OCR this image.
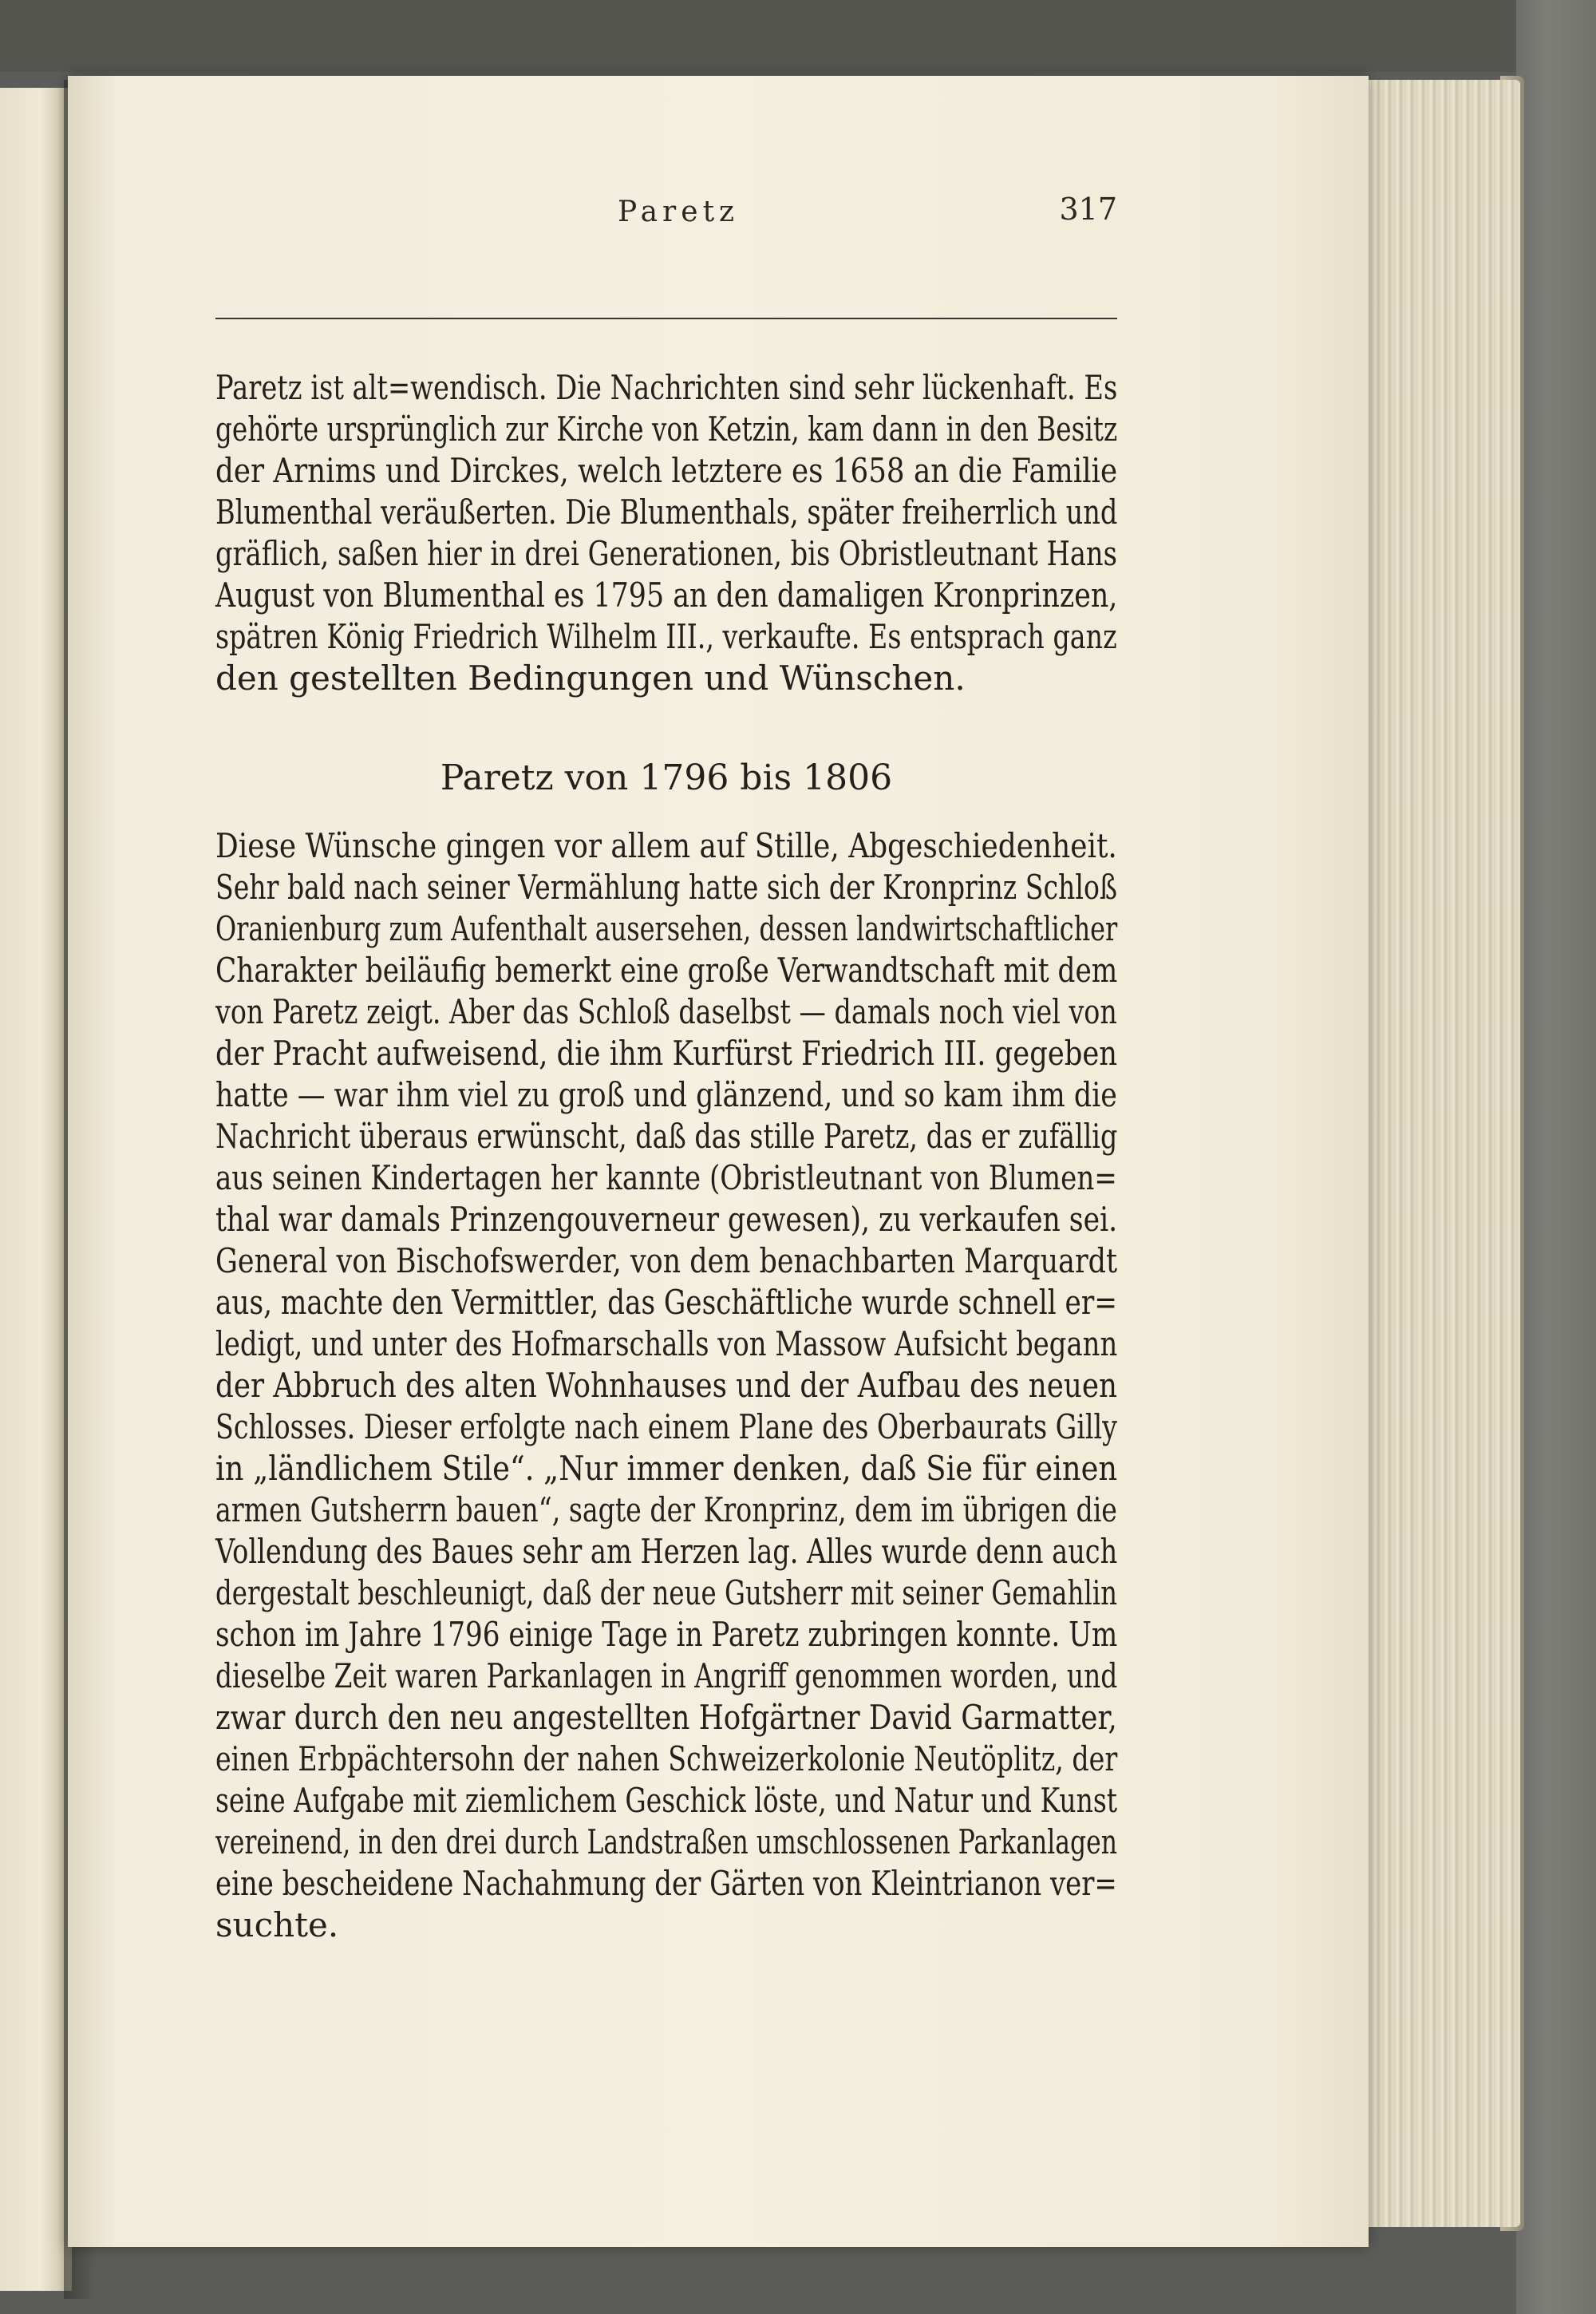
Paretz	317
Paretz ist alt=wendisch. Die Nachrichten sind sehr lückenhaft. Es
gehörte ursprünglich zur Kirche von Ketzin, kam dann in den Besitz
der Arnims und Dirckes, welch letztere es 1658 an die Familie
Blumenthal veräußerten. Die Blumenthals, später freiherrlich und
gräflich, saßen hier in drei Generationen, bis Obristleutnant Hans
August von Blumenthal es 1795 an den damaligen Kronprinzen,
spätren König Friedrich Wilhelm III., verkaufte. Es entsprach ganz
den gestellten Bedingungen und Wünschen.
Paretz von 1796 bis 1806
Diese Wünsche gingen vor allem auf Stille, Abgeschiedenheit.
Sehr bald nach seiner Vermählung hatte sich der Kronprinz Schloß
Oranienburg zum Aufenthalt auserseh​en, dessen landwirtschaftlicher
Charakter beiläufig bemerkt eine große Verwandtschaft mit dem
von Paretz zeigt. Aber das Schloß daselbst — damals noch viel von
der Pracht aufweisend, die ihm Kurfürst Friedrich III. gegeben
hatte — war ihm viel zu groß und glänzend, und so kam ihm die
Nachricht überaus erwünscht, daß das stille Paretz, das er zufällig
aus seinen Kindertagen her kannte (Obristleutnant von Blumen=
thal war damals Prinzengouverneur gewesen), zu verkaufen sei.
General von Bischofswerder, von dem benachbarten Marquardt
aus, machte den Vermittler, das Geschäftliche wurde schnell er=
ledigt, und unter des Hofmarschalls von Massow Aufsicht begann
der Abbruch des alten Wohnhauses und der Aufbau des neuen
Schlosses. Dieser erfolgte nach einem Plane des Oberbaurats Gilly
in „ländlichem Stile“. „Nur immer denken, daß Sie für einen
armen Gutsherrn bauen“, sagte der Kronprinz, dem im übrigen die
Vollendung des Baues sehr am Herzen lag. Alles wurde denn auch
dergestalt beschleunigt, daß der neue Gutsherr mit seiner Gemahlin
schon im Jahre 1796 einige Tage in Paretz zubringen konnte. Um
dieselbe Zeit waren Parkanlagen in Angriff genommen worden, und
zwar durch den neu angestellten Hofgärtner David Garmatter,
einen Erbpächtersohn der nahen Schweizerkolonie Neutöplitz, der
seine Aufgabe mit ziemlichem Geschick löste, und Natur und Kunst
vereinend, in den drei durch Landstraßen umschlossenen Parkanlagen
eine bescheidene Nachahmung der Gärten von Kleintrianon ver=
suchte.
